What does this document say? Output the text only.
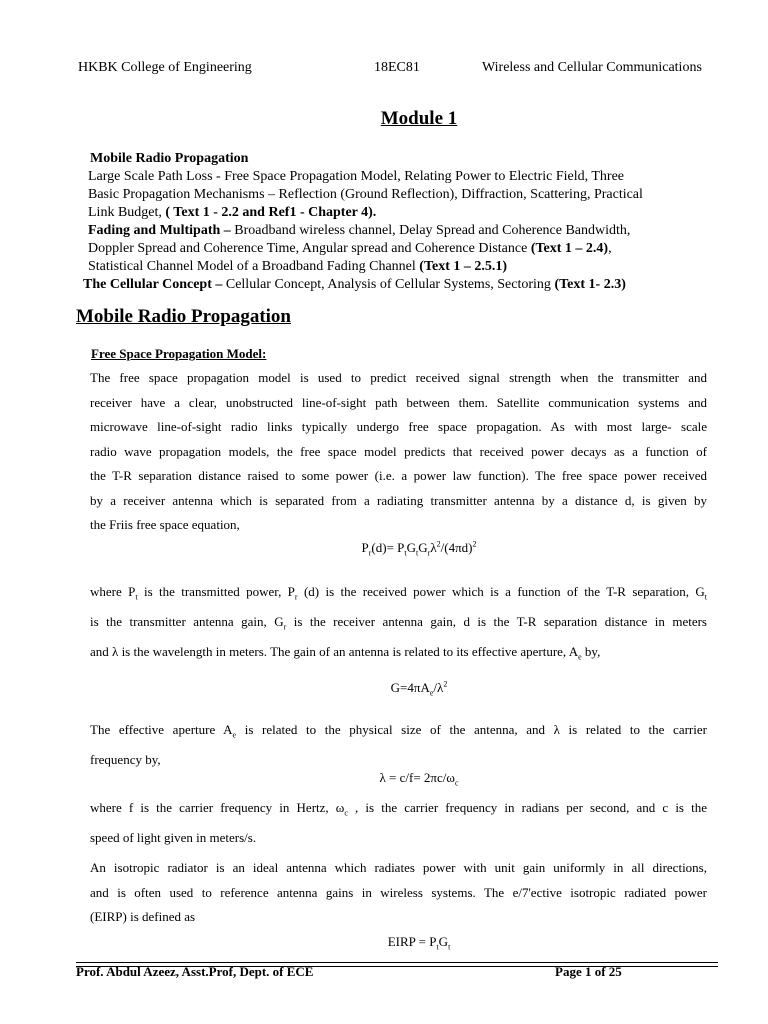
HKBK College of Engineering	18EC81	Wireless and Cellular Communications
Module 1
Mobile Radio Propagation
Large Scale Path Loss - Free Space Propagation Model, Relating Power to Electric Field, Three
Basic Propagation Mechanisms – Reflection (Ground Reflection), Diffraction, Scattering, Practical
Link Budget, ( Text 1 - 2.2 and Ref1 - Chapter 4).
Fading and Multipath – Broadband wireless channel, Delay Spread and Coherence Bandwidth,
Doppler Spread and Coherence Time, Angular spread and Coherence Distance (Text 1 – 2.4),
Statistical Channel Model of a Broadband Fading Channel (Text 1 – 2.5.1)
The Cellular Concept – Cellular Concept, Analysis of Cellular Systems, Sectoring (Text 1- 2.3)
Mobile Radio Propagation
Free Space Propagation Model:
The free space propagation model is used to predict received signal strength when the transmitter and
receiver have a clear, unobstructed line-of-sight path between them. Satellite communication systems and
microwave line-of-sight radio links typically undergo free space propagation. As with most large- scale
radio wave propagation models, the free space model predicts that received power decays as a function of
the T-R separation distance raised to some power (i.e. a power law function). The free space power received
by a receiver antenna which is separated from a radiating transmitter antenna by a distance d, is given by
the Friis free space equation,
$P_r(d)= P_tG_tG_r\lambda^2/(4\pi d)^2$
where $P_t$ is the transmitted power, $P_r$ (d) is the received power which is a function of the T-R separation, $G_t$
is the transmitter antenna gain, $G_r$ is the receiver antenna gain, d is the T-R separation distance in meters
and λ is the wavelength in meters. The gain of an antenna is related to its effective aperture, $A_e$ by,
$G=4\pi A_e/\lambda^2$
The effective aperture $A_e$ is related to the physical size of the antenna, and λ is related to the carrier
frequency by,
$\lambda = c/f= 2\pi c/\omega_c$
where f is the carrier frequency in Hertz, $\omega_c$ , is the carrier frequency in radians per second, and c is the
speed of light given in meters/s.
An isotropic radiator is an ideal antenna which radiates power with unit gain uniformly in all directions,
and is often used to reference antenna gains in wireless systems. The e/7'ective isotropic radiated power
(EIRP) is defined as
EIRP = $P_tG_t$
Prof. Abdul Azeez, Asst.Prof, Dept. of ECE	Page 1 of 25
